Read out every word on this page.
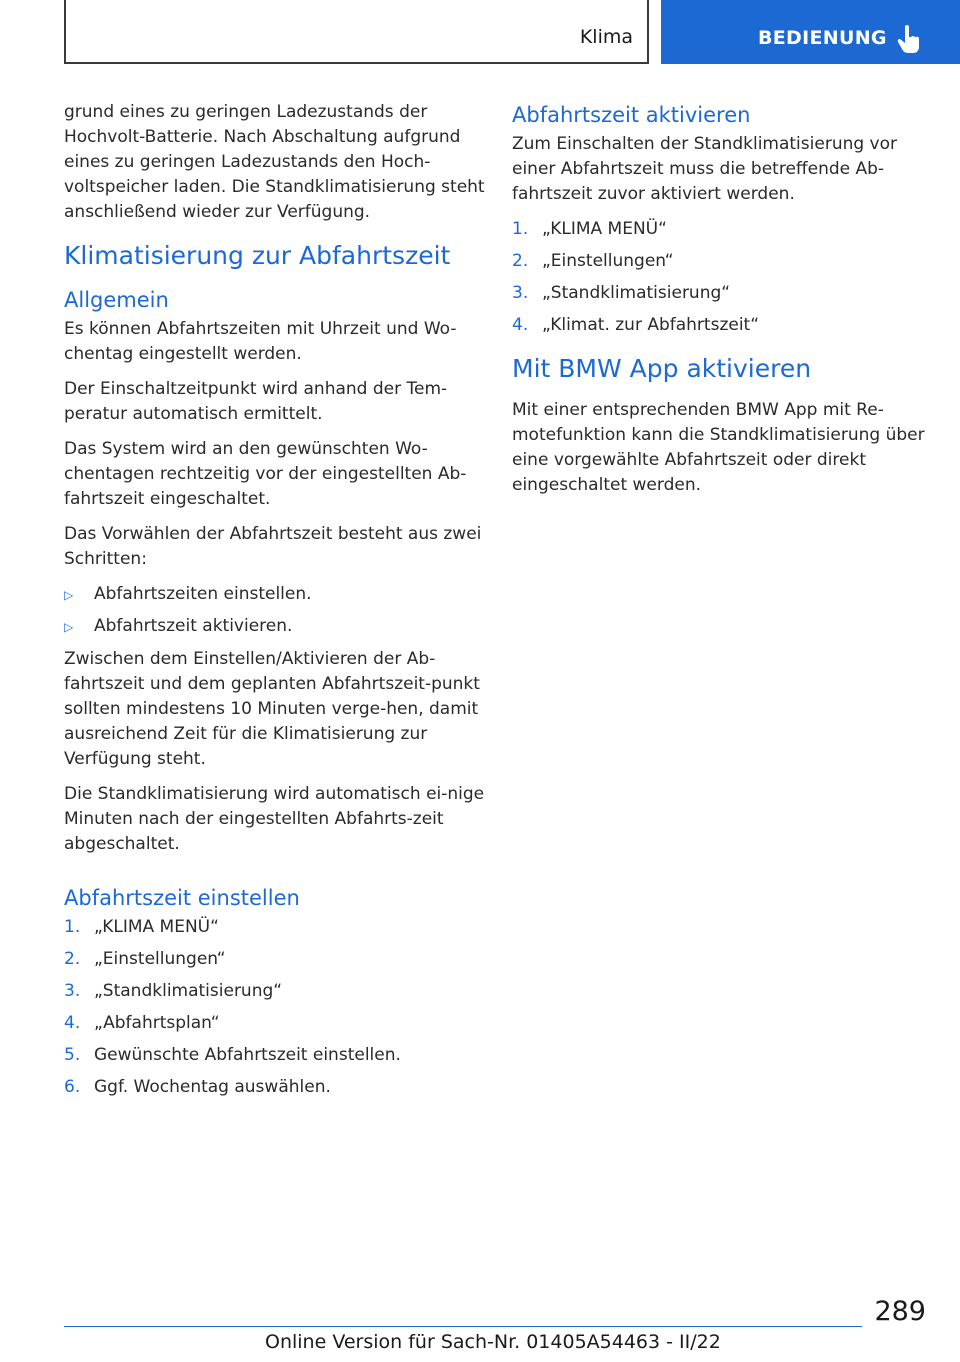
Klima	BEDIENUNG

grund eines zu geringen Ladezustands der Hochvolt-Batterie. Nach Abschaltung aufgrund eines zu geringen Ladezustands den Hoch-voltspeicher laden. Die Standklimatisierung steht anschließend wieder zur Verfügung.

Klimatisierung zur Abfahrtszeit
Allgemein

Es können Abfahrtszeiten mit Uhrzeit und Wo-chentag eingestellt werden.

Der Einschaltzeitpunkt wird anhand der Tem-peratur automatisch ermittelt.

Das System wird an den gewünschten Wo-chentagen rechtzeitig vor der eingestellten Ab-fahrtszeit eingeschaltet.

Das Vorwählen der Abfahrtszeit besteht aus zwei Schritten:

▷ Abfahrtszeiten einstellen.
▷ Abfahrtszeit aktivieren.

Zwischen dem Einstellen/Aktivieren der Ab-fahrtszeit und dem geplanten Abfahrtszeit-punkt sollten mindestens 10 Minuten verge-hen, damit ausreichend Zeit für die Klimatisierung zur Verfügung steht.

Die Standklimatisierung wird automatisch ei-nige Minuten nach der eingestellten Abfahrts-zeit abgeschaltet.

Abfahrtszeit einstellen
1. „KLIMA MENÜ“
2. „Einstellungen“
3. „Standklimatisierung“
4. „Abfahrtsplan“
5. Gewünschte Abfahrtszeit einstellen.
6. Ggf. Wochentag auswählen.
Abfahrtszeit aktivieren

Zum Einschalten der Standklimatisierung vor einer Abfahrtszeit muss die betreffende Ab-fahrtszeit zuvor aktiviert werden.

1. „KLIMA MENÜ“
2. „Einstellungen“
3. „Standklimatisierung“
4. „Klimat. zur Abfahrtszeit“
Mit BMW App aktivieren

Mit einer entsprechenden BMW App mit Re-motefunktion kann die Standklimatisierung über eine vorgewählte Abfahrtszeit oder direkt eingeschaltet werden.

289
Online Version für Sach-Nr. 01405A54463 - II/22
